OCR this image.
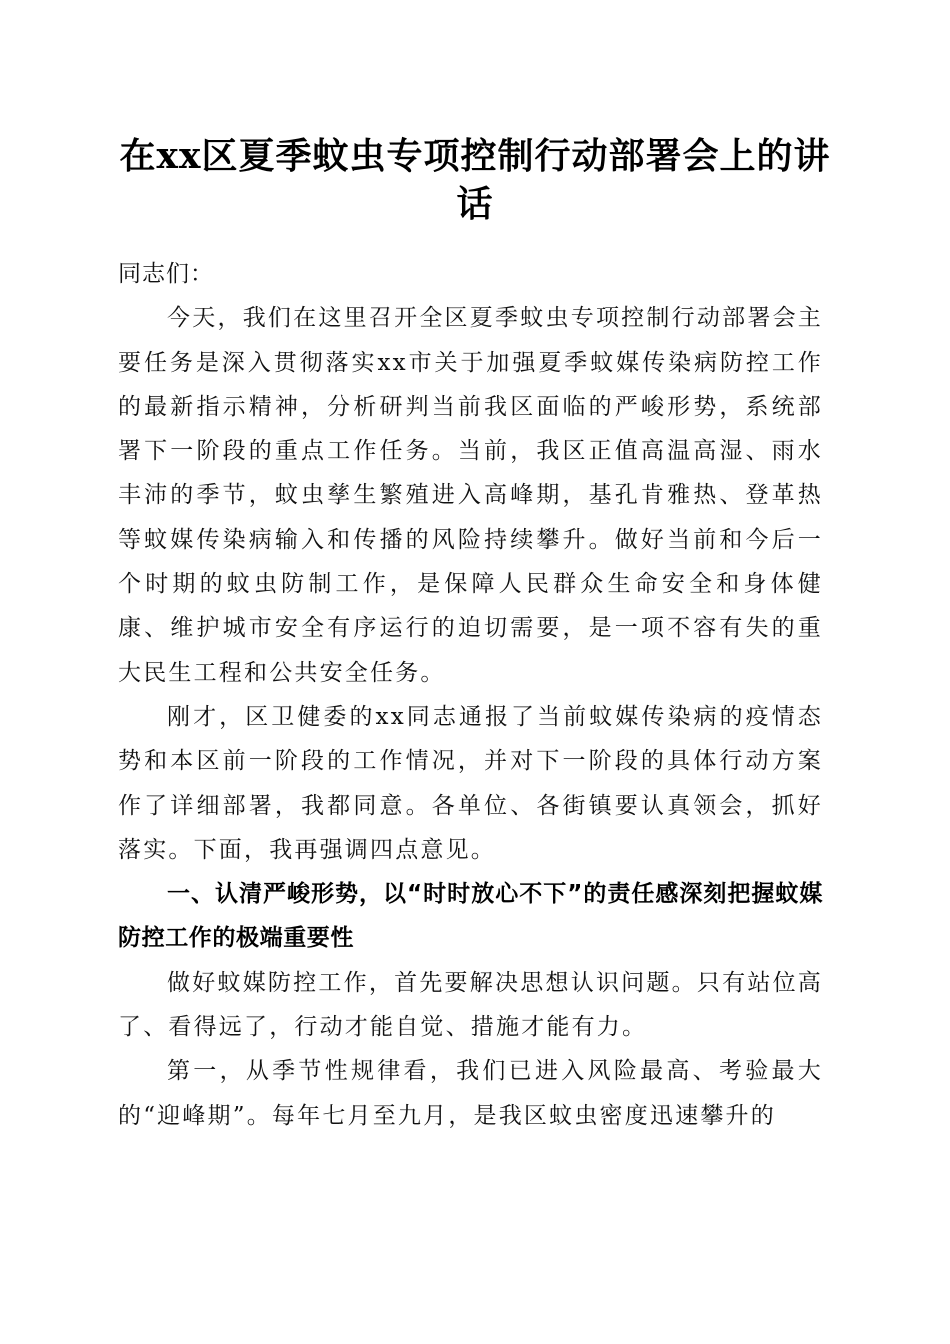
在xx区夏季蚊虫专项控制行动部署会上的讲话

同志们：

今天，我们在这里召开全区夏季蚊虫专项控制行动部署会主要任务是深入贯彻落实xx市关于加强夏季蚊媒传染病防控工作的最新指示精神，分析研判当前我区面临的严峻形势，系统部署下一阶段的重点工作任务。当前，我区正值高温高湿、雨水丰沛的季节，蚊虫孳生繁殖进入高峰期，基孔肯雅热、登革热等蚊媒传染病输入和传播的风险持续攀升。做好当前和今后一个时期的蚊虫防制工作，是保障人民群众生命安全和身体健康、维护城市安全有序运行的迫切需要，是一项不容有失的重大民生工程和公共安全任务。

刚才，区卫健委的xx同志通报了当前蚊媒传染病的疫情态势和本区前一阶段的工作情况，并对下一阶段的具体行动方案作了详细部署，我都同意。各单位、各街镇要认真领会，抓好落实。下面，我再强调四点意见。

一、认清严峻形势，以“时时放心不下”的责任感深刻把握蚊媒防控工作的极端重要性

做好蚊媒防控工作，首先要解决思想认识问题。只有站位高了、看得远了，行动才能自觉、措施才能有力。

第一，从季节性规律看，我们已进入风险最高、考验最大的“迎峰期”。每年七月至九月，是我区蚊虫密度迅速攀升的
